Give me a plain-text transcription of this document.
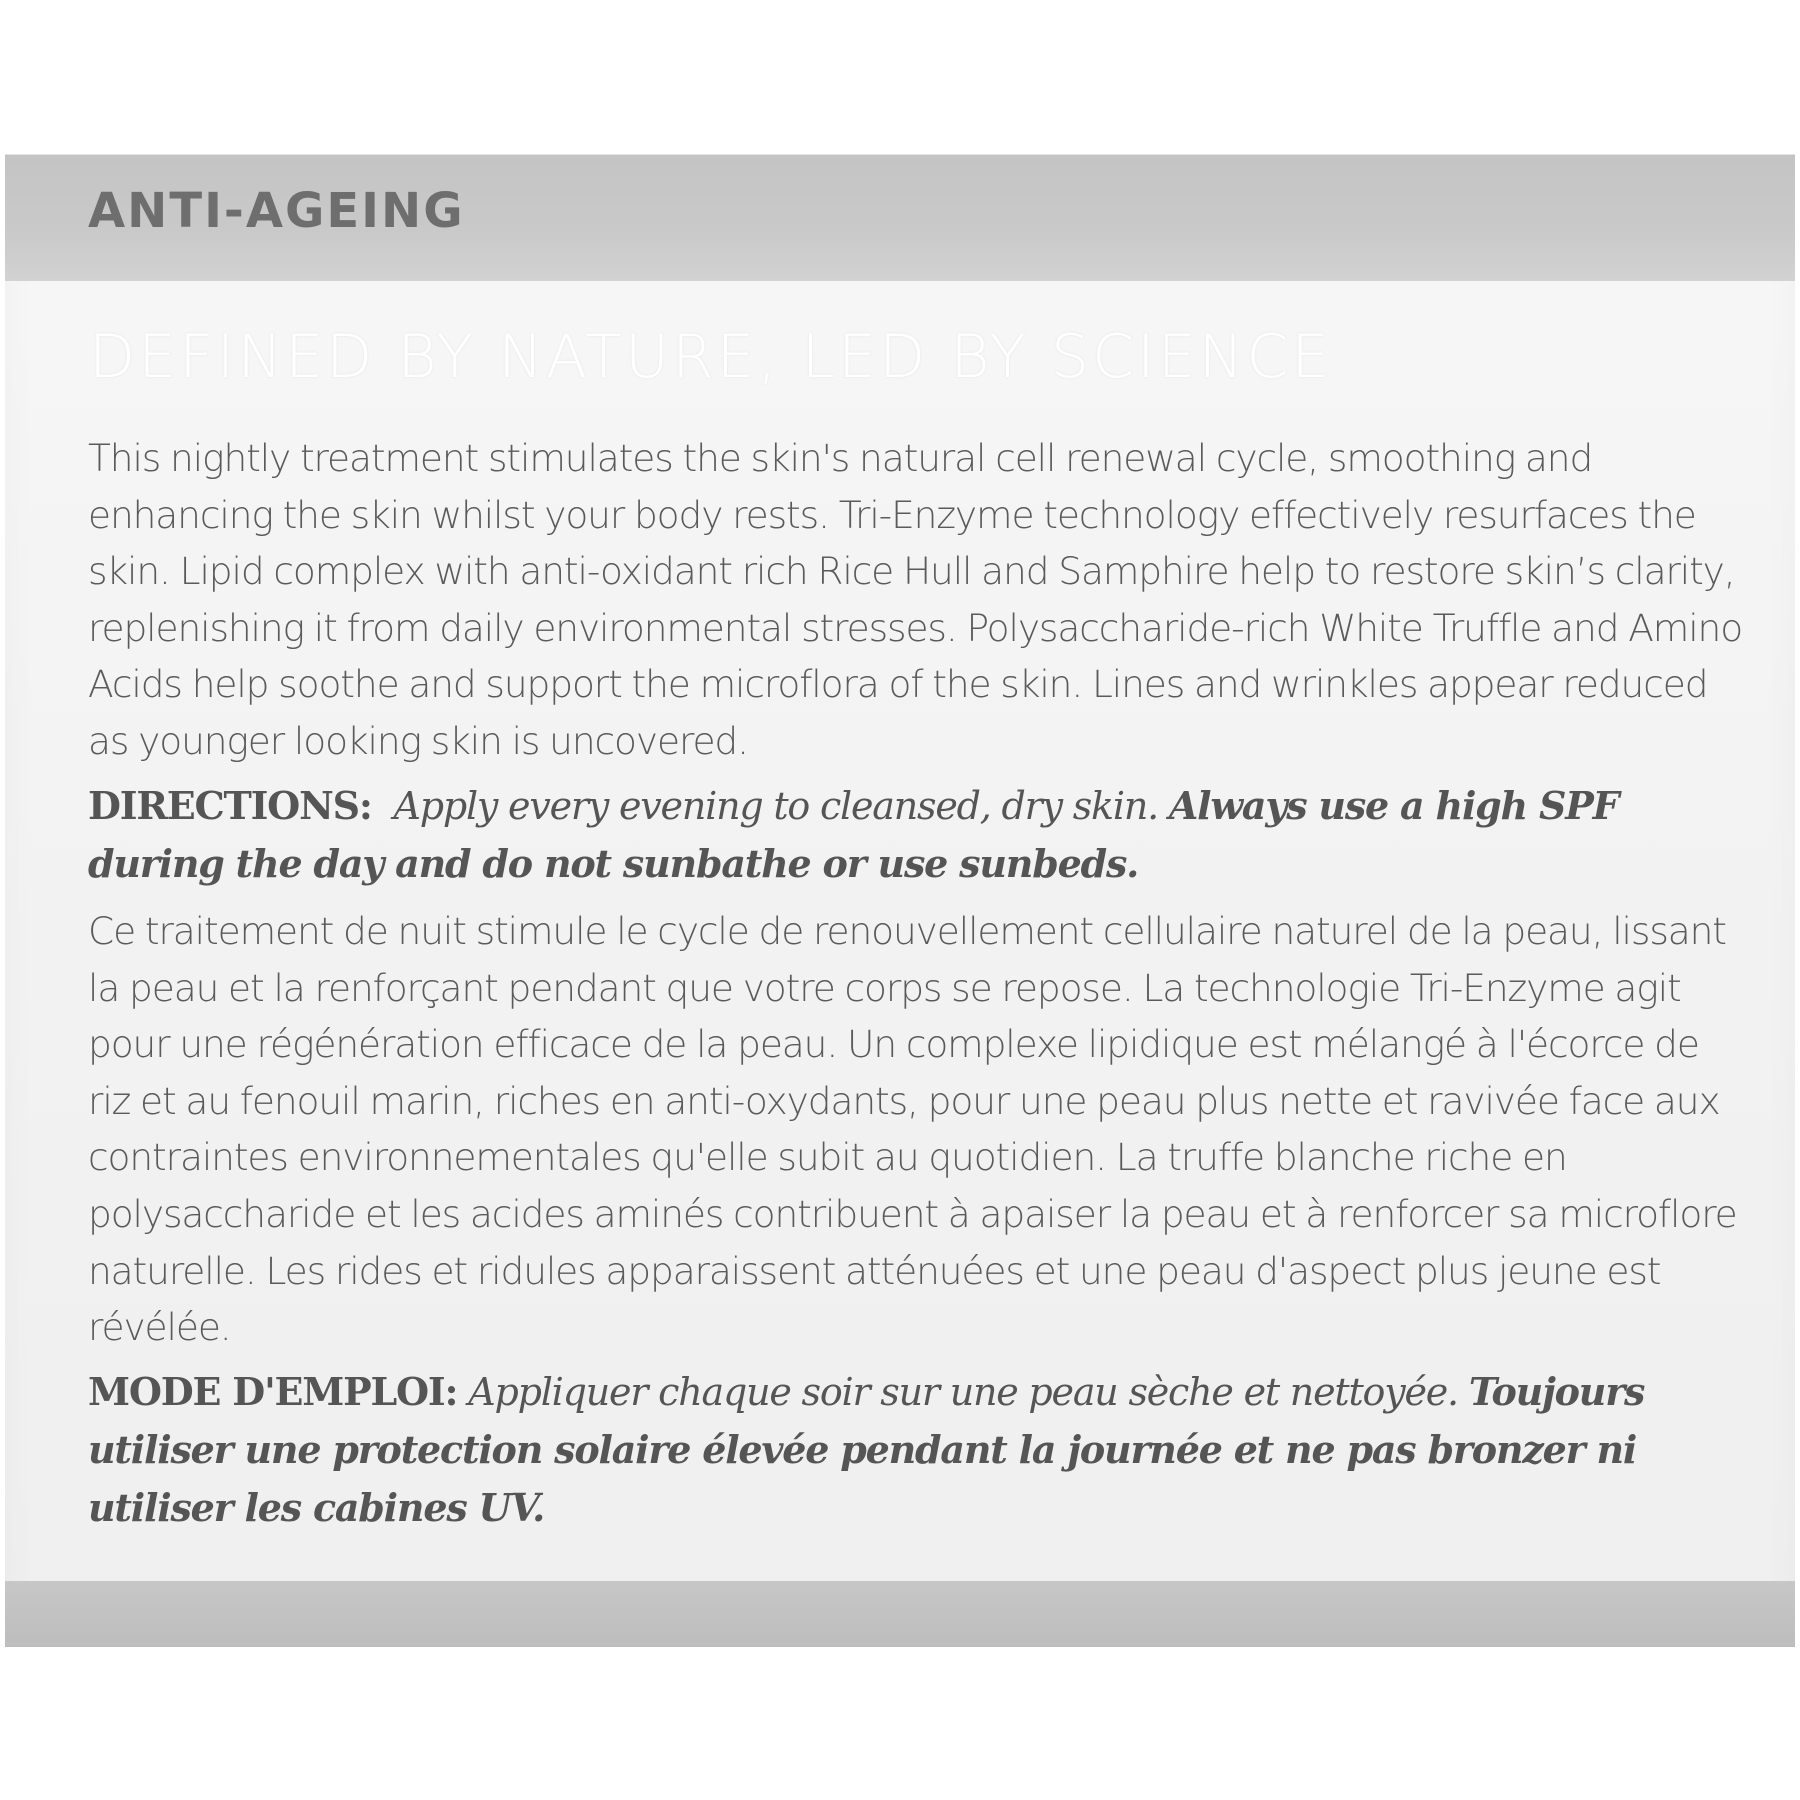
ANTI-AGEING
DEFINED BY NATURE, LED BY SCIENCE

This nightly treatment stimulates the skin's natural cell renewal cycle, smoothing and enhancing the skin whilst your body rests. Tri-Enzyme technology effectively resurfaces the skin. Lipid complex with anti-oxidant rich Rice Hull and Samphire help to restore skin’s clarity, replenishing it from daily environmental stresses. Polysaccharide-rich White Truffle and Amino Acids help soothe and support the microflora of the skin. Lines and wrinkles appear reduced as younger looking skin is uncovered.

DIRECTIONS: Apply every evening to cleansed, dry skin. Always use a high SPF during the day and do not sunbathe or use sunbeds.

Ce traitement de nuit stimule le cycle de renouvellement cellulaire naturel de la peau, lissant la peau et la renforçant pendant que votre corps se repose. La technologie Tri-Enzyme agit pour une régénération efficace de la peau. Un complexe lipidique est mélangé à l'écorce de riz et au fenouil marin, riches en anti-oxydants, pour une peau plus nette et ravivée face aux contraintes environnementales qu'elle subit au quotidien. La truffe blanche riche en polysaccharide et les acides aminés contribuent à apaiser la peau et à renforcer sa microflore naturelle. Les rides et ridules apparaissent atténuées et une peau d'aspect plus jeune est révélée.

MODE D'EMPLOI: Appliquer chaque soir sur une peau sèche et nettoyée. Toujours utiliser une protection solaire élevée pendant la journée et ne pas bronzer ni utiliser les cabines UV.
